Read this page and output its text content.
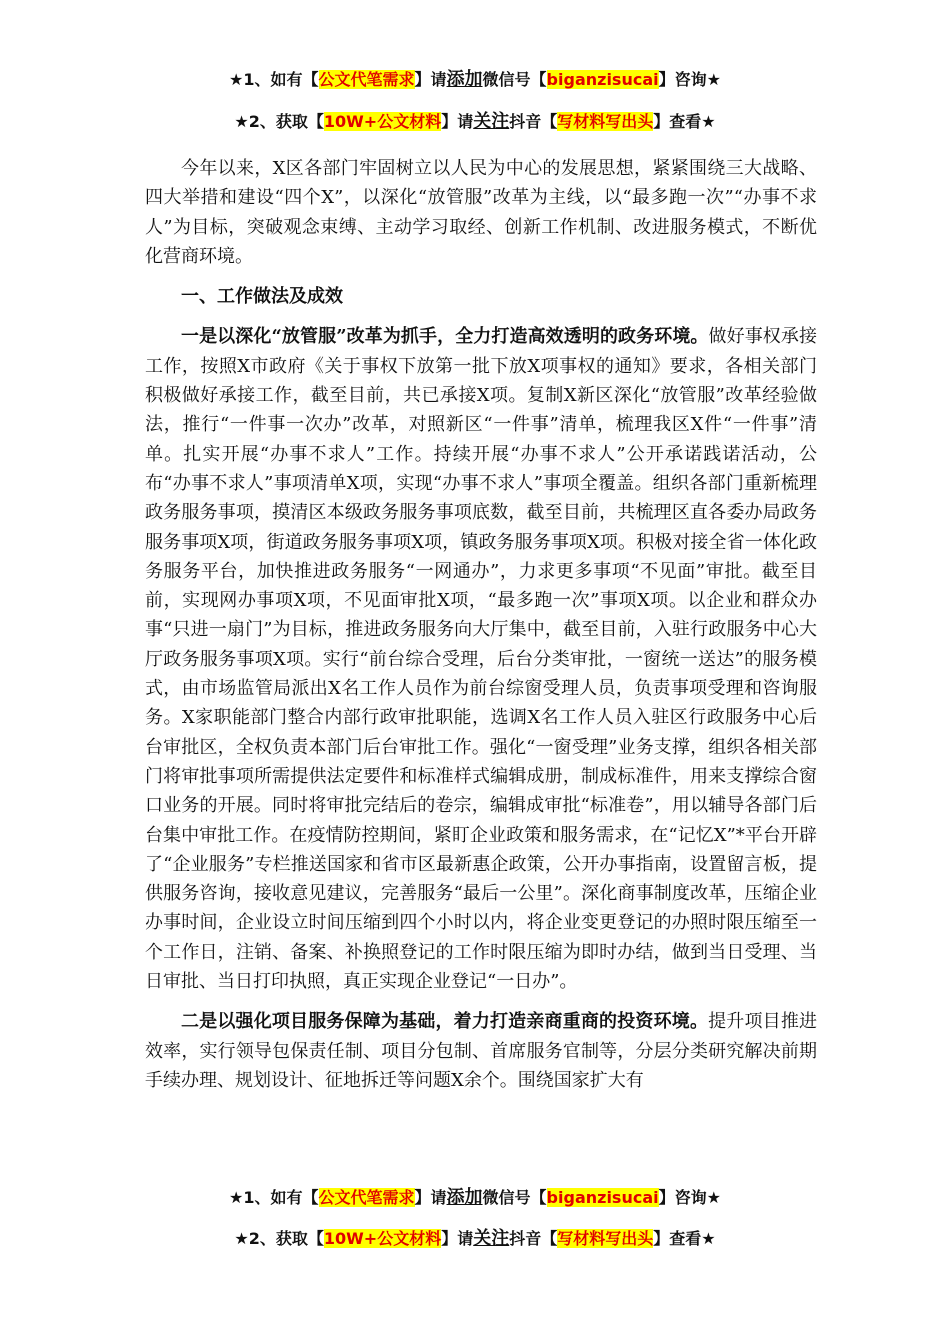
★1、如有【公文代笔需求】请添加微信号【biganzisucai】咨询★
★2、获取【10W+公文材料】请关注抖音【写材料写出头】查看★

今年以来，X区各部门牢固树立以人民为中心的发展思想，紧紧围绕三大战略、四大举措和建设“四个X”，以深化“放管服”改革为主线，以“最多跑一次”“办事不求人”为目标，突破观念束缚、主动学习取经、创新工作机制、改进服务模式，不断优化营商环境。

一、工作做法及成效

一是以深化“放管服”改革为抓手，全力打造高效透明的政务环境。做好事权承接工作，按照X市政府《关于事权下放第一批下放X项事权的通知》要求，各相关部门积极做好承接工作，截至目前，共已承接X项。复制X新区深化“放管服”改革经验做法，推行“一件事一次办”改革，对照新区“一件事”清单，梳理我区X件“一件事”清单。扎实开展“办事不求人”工作。持续开展“办事不求人”公开承诺践诺活动，公布“办事不求人”事项清单X项，实现“办事不求人”事项全覆盖。组织各部门重新梳理政务服务事项，摸清区本级政务服务事项底数，截至目前，共梳理区直各委办局政务服务事项X项，街道政务服务事项X项，镇政务服务事项X项。积极对接全省一体化政务服务平台，加快推进政务服务“一网通办”，力求更多事项“不见面”审批。截至目前，实现网办事项X项，不见面审批X项，“最多跑一次”事项X项。以企业和群众办事“只进一扇门”为目标，推进政务服务向大厅集中，截至目前，入驻行政服务中心大厅政务服务事项X项。实行“前台综合受理，后台分类审批，一窗统一送达”的服务模式，由市场监管局派出X名工作人员作为前台综窗受理人员，负责事项受理和咨询服务。X家职能部门整合内部行政审批职能，选调X名工作人员入驻区行政服务中心后台审批区，全权负责本部门后台审批工作。强化“一窗受理”业务支撑，组织各相关部门将审批事项所需提供法定要件和标准样式编辑成册，制成标准件，用来支撑综合窗口业务的开展。同时将审批完结后的卷宗，编辑成审批“标准卷”，用以辅导各部门后台集中审批工作。在疫情防控期间，紧盯企业政策和服务需求，在“记忆X”*平台开辟了“企业服务”专栏推送国家和省市区最新惠企政策，公开办事指南，设置留言板，提供服务咨询，接收意见建议，完善服务“最后一公里”。深化商事制度改革，压缩企业办事时间，企业设立时间压缩到四个小时以内，将企业变更登记的办照时限压缩至一个工作日，注销、备案、补换照登记的工作时限压缩为即时办结，做到当日受理、当日审批、当日打印执照，真正实现企业登记“一日办”。

二是以强化项目服务保障为基础，着力打造亲商重商的投资环境。提升项目推进效率，实行领导包保责任制、项目分包制、首席服务官制等，分层分类研究解决前期手续办理、规划设计、征地拆迁等问题X余个。围绕国家扩大有

★1、如有【公文代笔需求】请添加微信号【biganzisucai】咨询★
★2、获取【10W+公文材料】请关注抖音【写材料写出头】查看★
